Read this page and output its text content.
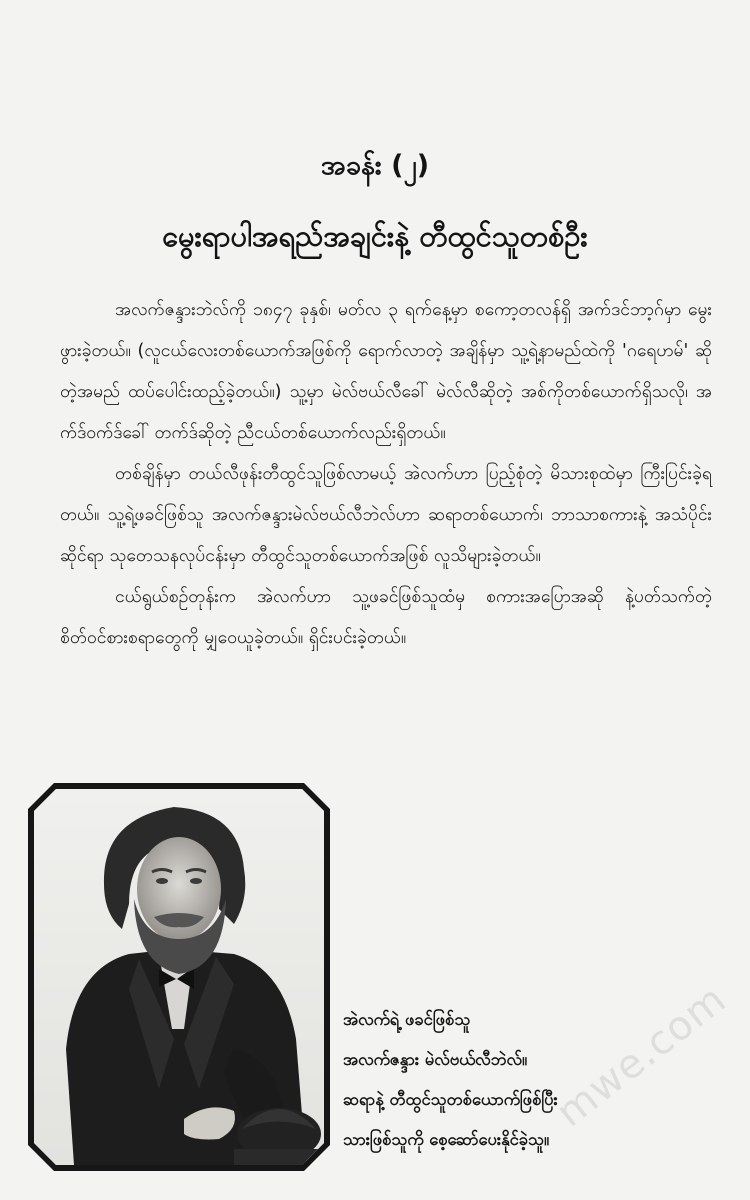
အခန်း (၂)
မွေးရာပါအရည်အချင်းနဲ့ တီထွင်သူတစ်ဦး

အလက်ဇန္ဒားဘဲလ်ကို ၁၈၄၇ ခုနှစ်၊ မတ်လ ၃ ရက်နေ့မှာ စကော့တလန်ရှိ အက်ဒင်ဘာ့ဂ်မှာ မွေးဖွားခဲ့တယ်။ (လူငယ်လေးတစ်ယောက်အဖြစ်ကို ရောက်လာတဲ့ အချိန်မှာ သူ့ရဲ့နာမည်ထဲကို 'ဂရေဟမ်' ဆိုတဲ့အမည် ထပ်ပေါင်းထည့်ခဲ့တယ်။) သူ့မှာ မဲလ်ဗယ်လီခေါ် မဲလ်လီဆိုတဲ့ အစ်ကိုတစ်ယောက်ရှိသလို၊ အက်ဒ်ဝက်ဒ်ခေါ် တက်ဒ်ဆိုတဲ့ ညီငယ်တစ်ယောက်လည်းရှိတယ်။

တစ်ချိန်မှာ တယ်လီဖုန်းတီထွင်သူဖြစ်လာမယ့် အဲလက်ဟာ ပြည့်စုံတဲ့ မိသားစုထဲမှာ ကြီးပြင်းခဲ့ရတယ်။ သူ့ရဲ့ဖခင်ဖြစ်သူ အလက်ဇန္ဒားမဲလ်ဗယ်လီဘဲလ်ဟာ ဆရာတစ်ယောက်၊ ဘာသာစကားနဲ့ အသံပိုင်းဆိုင်ရာ သုတေသနလုပ်ငန်းမှာ တီထွင်သူတစ်ယောက်အဖြစ် လူသိများခဲ့တယ်။

ငယ်ရွယ်စဉ်တုန်းက အဲလက်ဟာ သူ့ဖခင်ဖြစ်သူထံမှ စကားအပြောအဆို နဲ့ပတ်သက်တဲ့ စိတ်ဝင်စားစရာတွေကို မျှဝေယူခဲ့တယ်။ ရှိင်းပင်းခဲ့တယ်။

အဲလက်ရဲ့ ဖခင်ဖြစ်သူ
အလက်ဇန္ဒား မဲလ်ဗယ်လီဘဲလ်။
ဆရာနဲ့ တီထွင်သူတစ်ယောက်ဖြစ်ပြီး
သားဖြစ်သူကို စေ့ဆော်ပေးနိုင်ခဲ့သူ။
mwe.com
